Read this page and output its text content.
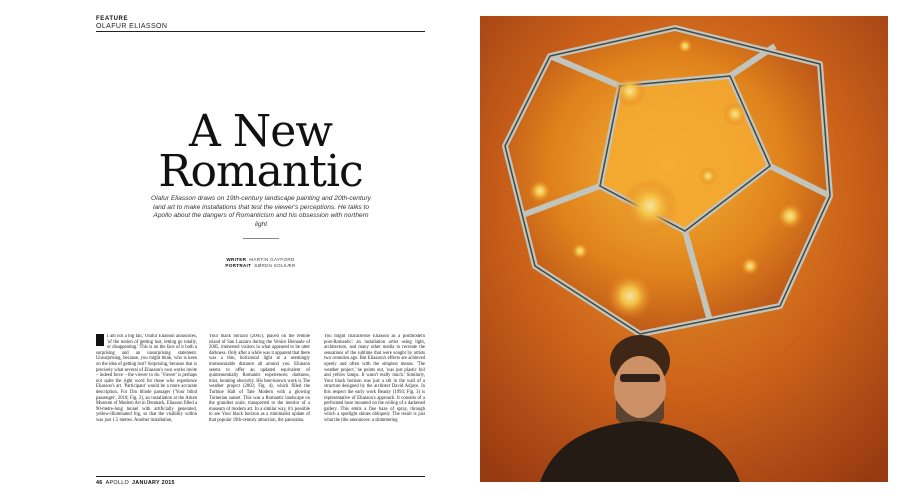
FEATURE
OLAFUR ELIASSON
A New
Romantic
Olafur Eliasson draws on 19th-century landscape painting and 20th-century land art to make installations that test the viewer's perceptions. He talks to Apollo about the dangers of Romanticism and his obsession with northern light
WRITER MARTIN GAYFORD
PORTRAIT SØREN SOLKÆR
I am not a big fan,' Olafur Eliasson announces, 'of the notion of getting lost, letting go totally, or disappearing.' This is on the face of it both a surprising and an unsurprising statement. Unsurprising, because, you might think, who is keen on the idea of getting lost? Surprising, because that is precisely what several of Eliasson's own works invite – indeed force – the viewer to do. 'Viewer' is perhaps not quite the right word for those who experience Eliasson's art. 'Participant' would be a more accurate description. For Din blinde passager ('Your blind passenger', 2010; Fig. 2), an installation at the Arken Museum of Modern Art in Denmark, Eliasson filled a 90-metre-long tunnel with artificially generated, yellow-illuminated fog, so that the visibility within was just 1.5 metres. Another installation,
Your black horizon (2005), placed on the remote island of San Lazzaro during the Venice Biennale of 2005, immersed visitors in what appeared to be utter darkness. Only after a while was it apparent that there was a thin, horizontal light at a seemingly immeasurable distance all around you. Eliasson seems to offer an updated equivalent of quintessentially Romantic experiences: darkness, mist, looming obscurity. His best-known work is The weather project (2003; Fig. 4), which filled the Turbine Hall of Tate Modern with a glowing Turnerian sunset. This was a Romantic landscape on the grandest scale, transported to the interior of a museum of modern art. In a similar way, it's possible to see Your black horizon as a minimalist update of that popular 19th-century attraction, the panorama.
You might characterise Eliasson as a postmodern post-Romantic: an installation artist using light, architecture, and many other media to recreate the sensations of the sublime that were sought by artists two centuries ago. But Eliasson's effects are achieved openly and often with the simplest means. 'The weather project,' he points out, 'was just plastic foil and yellow lamps. It wasn't really much.' Similarly, Your black horizon was just a slit in the wall of a structure designed by the architect David Adjaye. In this respect the early work Beauty (1993; Fig. 3) is representative of Eliasson's approach. It consists of a perforated hose mounted on the ceiling of a darkened gallery. This emits a fine haze of spray, through which a spotlight shines obliquely. The result is just what the title announces: a shimmering
46 APOLLO JANUARY 2015
